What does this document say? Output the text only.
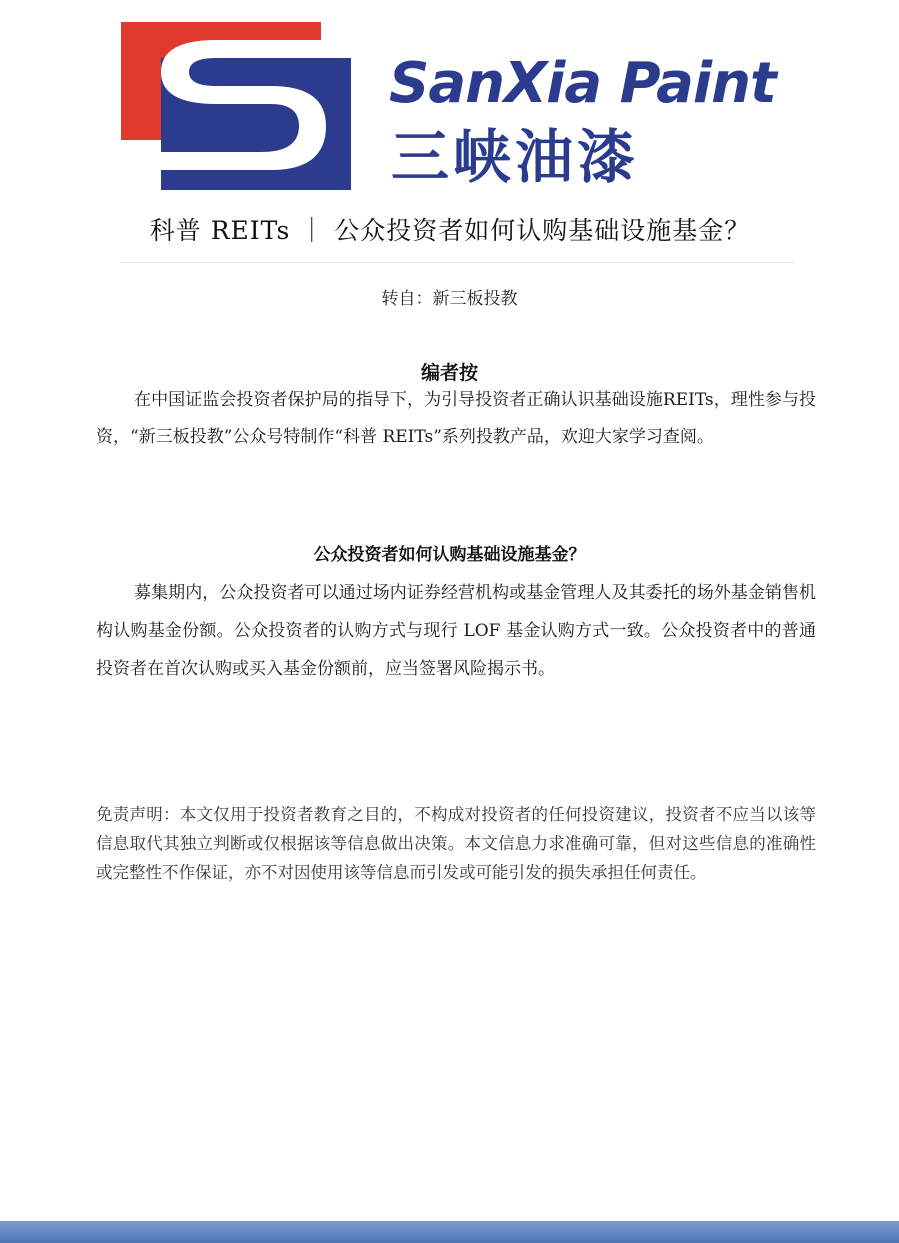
SanXia Paint
三峡油漆
科普 REITs ｜ 公众投资者如何认购基础设施基金？
转自：新三板投教
编者按

在中国证监会投资者保护局的指导下，为引导投资者正确认识基础设施REITs，理性参与投资，“新三板投教”公众号特制作“科普 REITs”系列投教产品，欢迎大家学习查阅。

公众投资者如何认购基础设施基金？

募集期内，公众投资者可以通过场内证券经营机构或基金管理人及其委托的场外基金销售机构认购基金份额。公众投资者的认购方式与现行 LOF 基金认购方式一致。公众投资者中的普通投资者在首次认购或买入基金份额前，应当签署风险揭示书。

免责声明：本文仅用于投资者教育之目的，不构成对投资者的任何投资建议，投资者不应当以该等信息取代其独立判断或仅根据该等信息做出决策。本文信息力求准确可靠，但对这些信息的准确性或完整性不作保证，亦不对因使用该等信息而引发或可能引发的损失承担任何责任。
